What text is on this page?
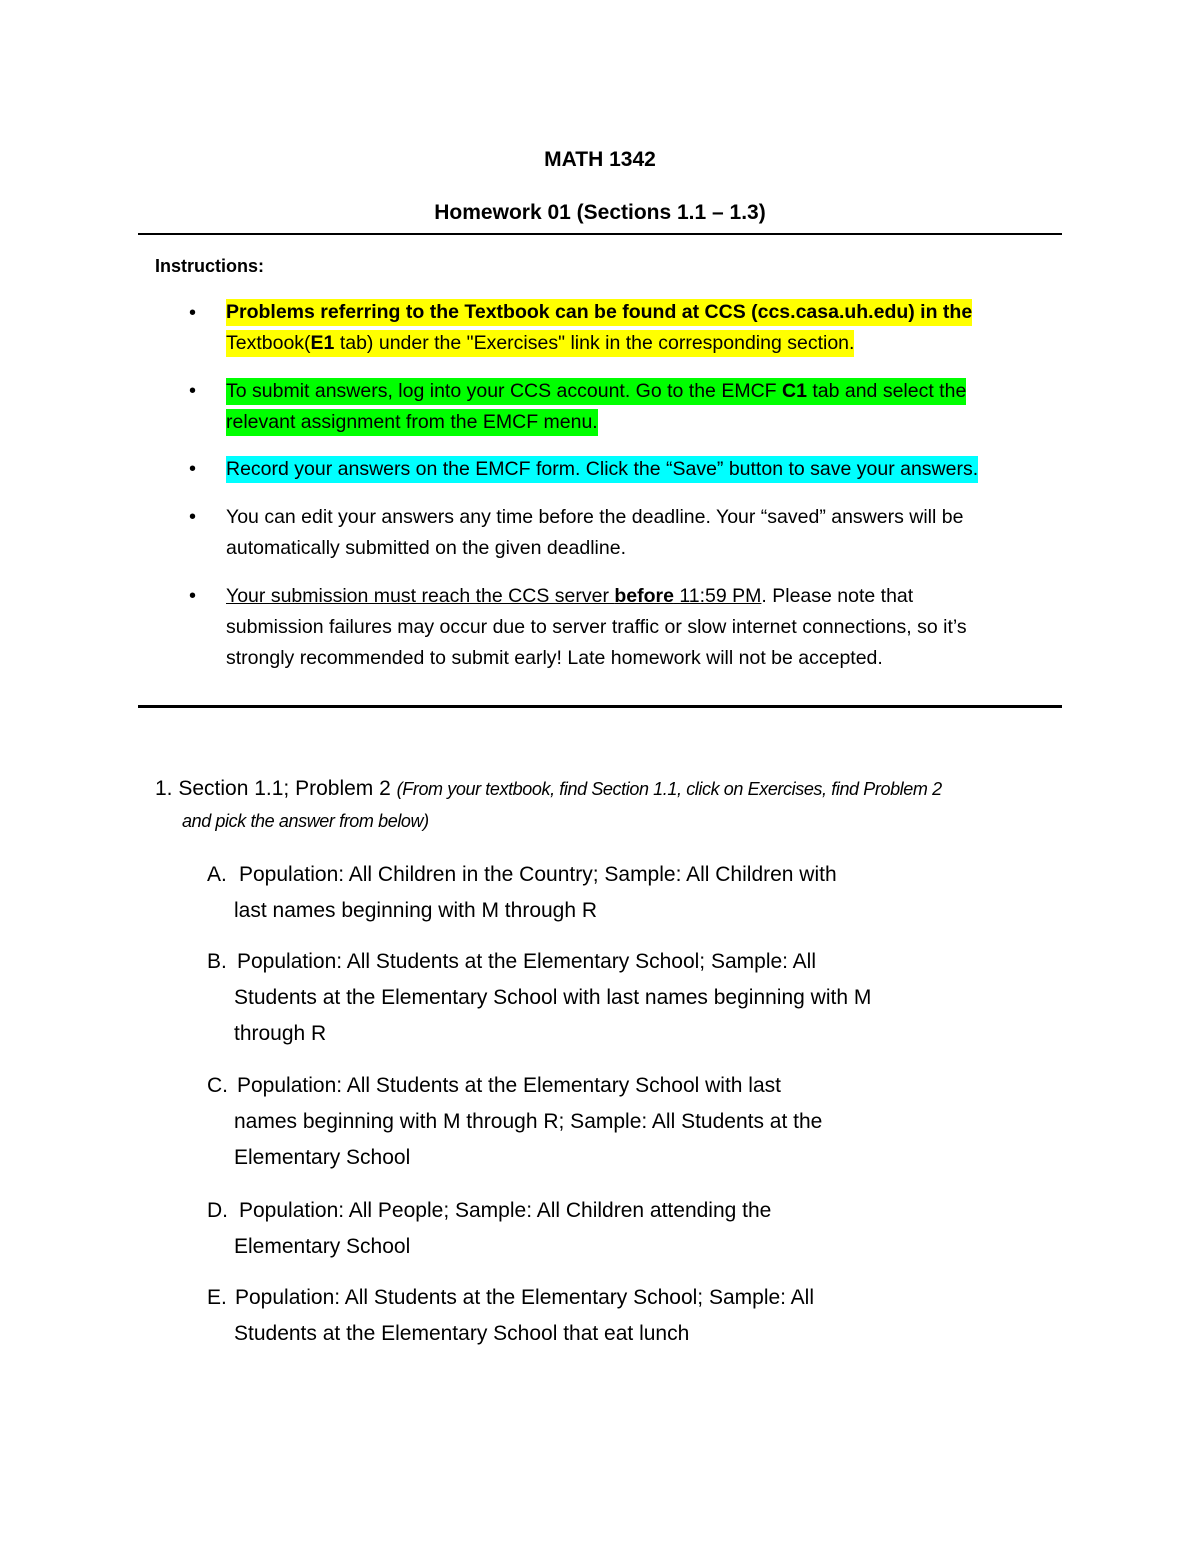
MATH 1342
Homework 01 (Sections 1.1 – 1.3)
Instructions:
• Problems referring to the Textbook can be found at CCS (ccs.casa.uh.edu) in the
Textbook(E1 tab) under the "Exercises" link in the corresponding section.
• To submit answers, log into your CCS account. Go to the EMCF C1 tab and select the
relevant assignment from the EMCF menu.
• Record your answers on the EMCF form. Click the “Save” button to save your answers.
• You can edit your answers any time before the deadline. Your “saved” answers will be
automatically submitted on the given deadline.
• Your submission must reach the CCS server before 11:59 PM. Please note that
submission failures may occur due to server traffic or slow internet connections, so it’s
strongly recommended to submit early! Late homework will not be accepted.
1. Section 1.1; Problem 2 (From your textbook, find Section 1.1, click on Exercises, find Problem 2
and pick the answer from below)
A. Population: All Children in the Country; Sample: All Children with
last names beginning with M through R
B. Population: All Students at the Elementary School; Sample: All
Students at the Elementary School with last names beginning with M
through R
C. Population: All Students at the Elementary School with last
names beginning with M through R; Sample: All Students at the
Elementary School
D. Population: All People; Sample: All Children attending the
Elementary School
E. Population: All Students at the Elementary School; Sample: All
Students at the Elementary School that eat lunch
